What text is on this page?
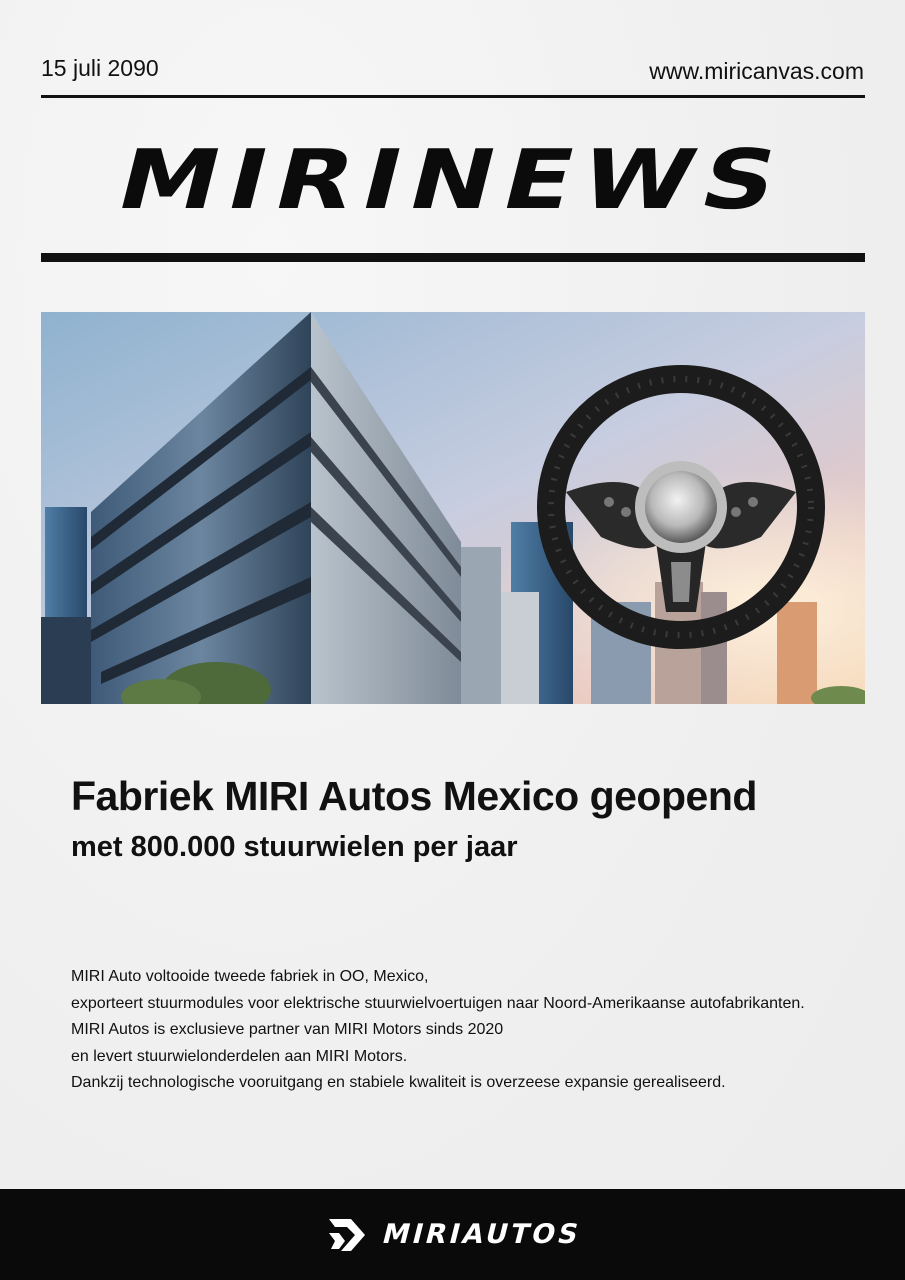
15 juli 2090	www.miricanvas.com
MIRINEWS
Fabriek MIRI Autos Mexico geopend
met 800.000 stuurwielen per jaar

MIRI Auto voltooide tweede fabriek in OO, Mexico,

exporteert stuurmodules voor elektrische stuurwielvoertuigen naar Noord-Amerikaanse autofabrikanten.

MIRI Autos is exclusieve partner van MIRI Motors sinds 2020

en levert stuurwielonderdelen aan MIRI Motors.

Dankzij technologische vooruitgang en stabiele kwaliteit is overzeese expansie gerealiseerd.

MIRIAUTOS
